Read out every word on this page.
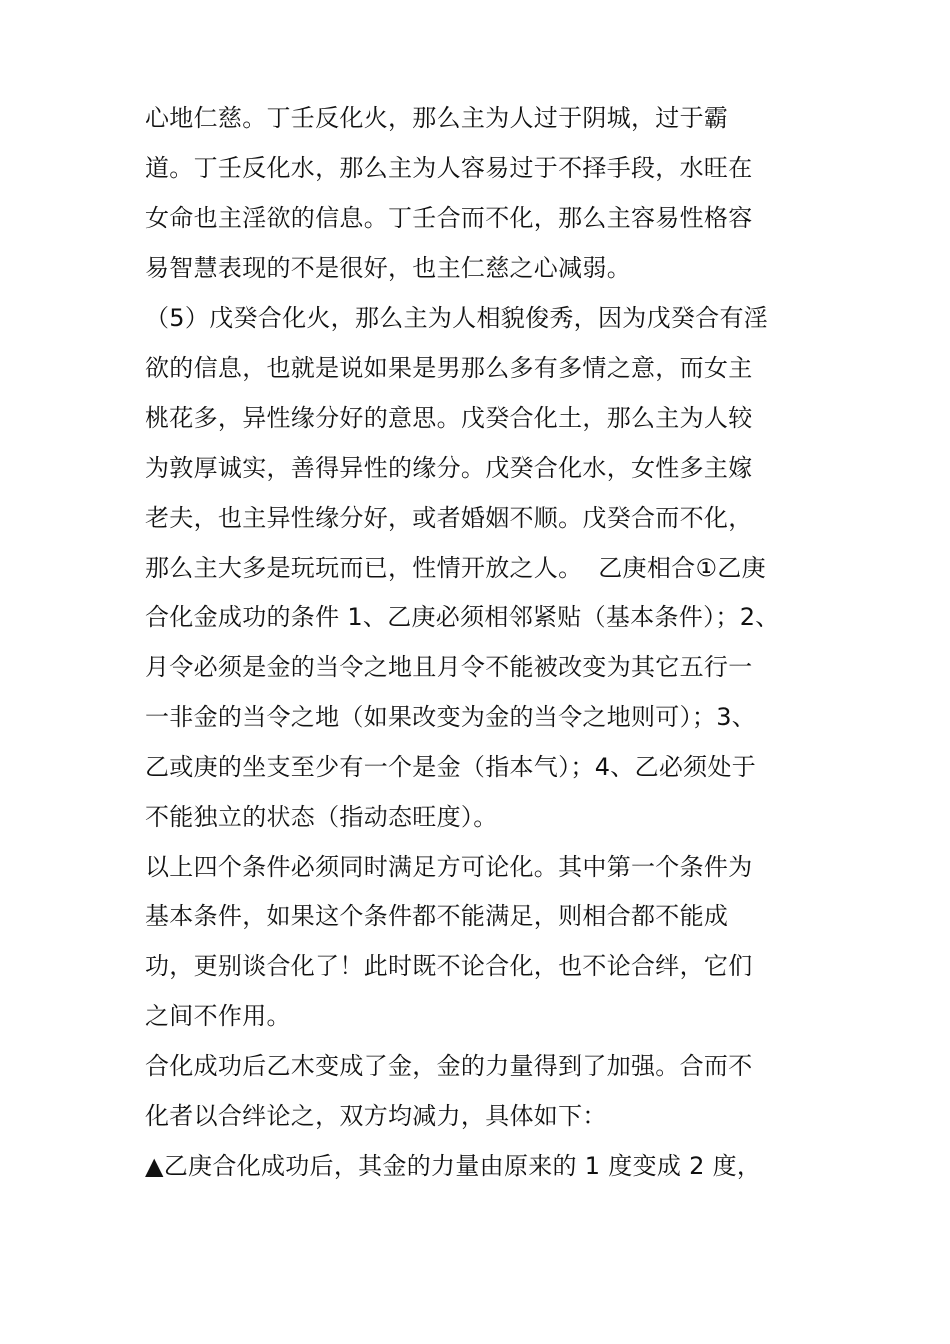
心地仁慈。丁壬反化火，那么主为人过于阴城，过于霸
道。丁壬反化水，那么主为人容易过于不择手段，水旺在
女命也主淫欲的信息。丁壬合而不化，那么主容易性格容
易智慧表现的不是很好，也主仁慈之心减弱。
（5）戊癸合化火，那么主为人相貌俊秀，因为戊癸合有淫
欲的信息，也就是说如果是男那么多有多情之意，而女主
桃花多，异性缘分好的意思。戊癸合化土，那么主为人较
为敦厚诚实，善得异性的缘分。戊癸合化水，女性多主嫁
老夫，也主异性缘分好，或者婚姻不顺。戊癸合而不化，
那么主大多是玩玩而已，性情开放之人。  乙庚相合①乙庚
合化金成功的条件 1、乙庚必须相邻紧贴（基本条件）；2、
月令必须是金的当令之地且月令不能被改变为其它五行一
一非金的当令之地（如果改变为金的当令之地则可）；3、
乙或庚的坐支至少有一个是金（指本气）；4、乙必须处于
不能独立的状态（指动态旺度）。
以上四个条件必须同时满足方可论化。其中第一个条件为
基本条件，如果这个条件都不能满足，则相合都不能成
功，更别谈合化了！此时既不论合化，也不论合绊，它们
之间不作用。
合化成功后乙木变成了金，金的力量得到了加强。合而不
化者以合绊论之，双方均减力，具体如下：
▲乙庚合化成功后，其金的力量由原来的 1 度变成 2 度，
